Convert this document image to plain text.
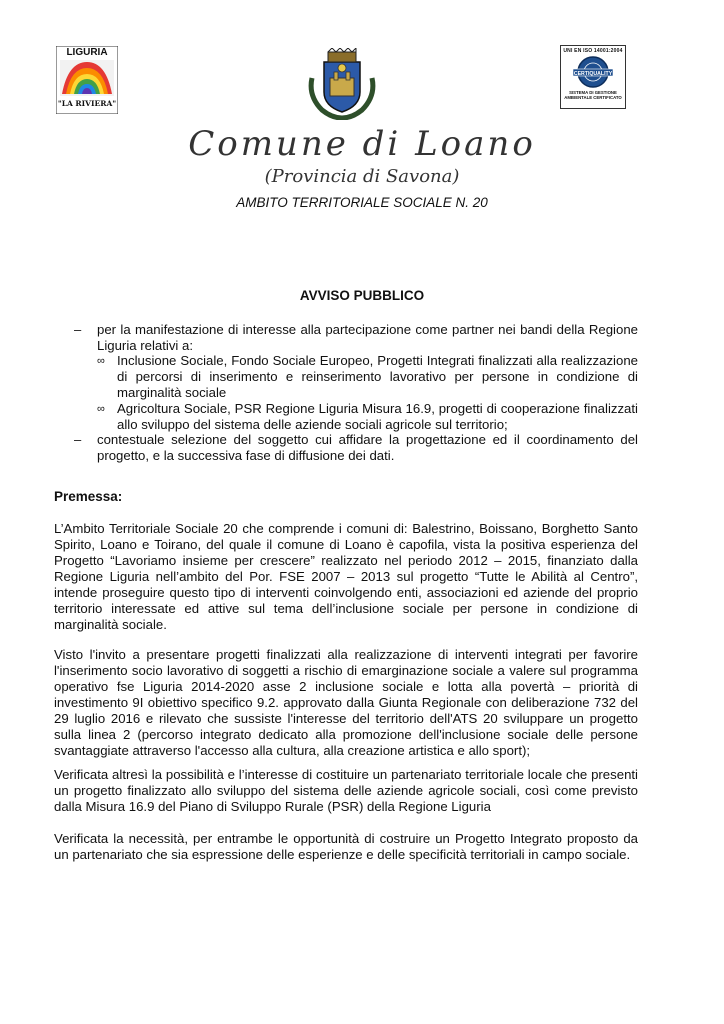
LIGURIA
"LA RIVIERA"
UNI EN ISO 14001:2004
CERTIQUALITY
SISTEMA DI GESTIONE AMBIENTALE CERTIFICATO
Comune di Loano
(Provincia di Savona)
AMBITO TERRITORIALE SOCIALE N. 20
AVVISO PUBBLICO
– per la manifestazione di interesse alla partecipazione come partner nei bandi della Regione Liguria relativi a:
∞ Inclusione Sociale, Fondo Sociale Europeo, Progetti Integrati finalizzati alla realizzazione di percorsi di inserimento e reinserimento lavorativo per persone in condizione di marginalità sociale
∞ Agricoltura Sociale, PSR Regione Liguria Misura 16.9, progetti di cooperazione finalizzati allo sviluppo del sistema delle aziende sociali agricole sul territorio;
– contestuale selezione del soggetto cui affidare la progettazione ed il coordinamento del progetto, e la successiva fase di diffusione dei dati.
Premessa:
L’Ambito Territoriale Sociale 20 che comprende i comuni di: Balestrino, Boissano, Borghetto Santo Spirito, Loano e Toirano, del quale il comune di Loano è capofila, vista la positiva esperienza del Progetto “Lavoriamo insieme per crescere” realizzato nel periodo 2012 – 2015, finanziato dalla Regione Liguria nell’ambito del Por. FSE 2007 – 2013 sul progetto “Tutte le Abilità al Centro”, intende proseguire questo tipo di interventi coinvolgendo enti, associazioni ed aziende del proprio territorio interessate ed attive sul tema dell’inclusione sociale per persone in condizione di marginalità sociale.
Visto l'invito a presentare progetti finalizzati alla realizzazione di interventi integrati per favorire l'inserimento socio lavorativo di soggetti a rischio di emarginazione sociale a valere sul programma operativo fse Liguria 2014-2020 asse 2 inclusione sociale e lotta alla povertà – priorità di investimento 9I obiettivo specifico 9.2. approvato dalla Giunta Regionale con deliberazione 732 del 29 luglio 2016 e rilevato che sussiste l'interesse del territorio dell'ATS 20 sviluppare un progetto sulla linea 2 (percorso integrato dedicato alla promozione dell'inclusione sociale delle persone svantaggiate attraverso l'accesso alla cultura, alla creazione artistica e allo sport);
Verificata altresì la possibilità e l’interesse di costituire un partenariato territoriale locale che presenti un progetto finalizzato allo sviluppo del sistema delle aziende agricole sociali, così come previsto dalla Misura 16.9 del Piano di Sviluppo Rurale (PSR) della Regione Liguria
Verificata la necessità, per entrambe le opportunità di costruire un Progetto Integrato proposto da un partenariato che sia espressione delle esperienze e delle specificità territoriali in campo sociale.
